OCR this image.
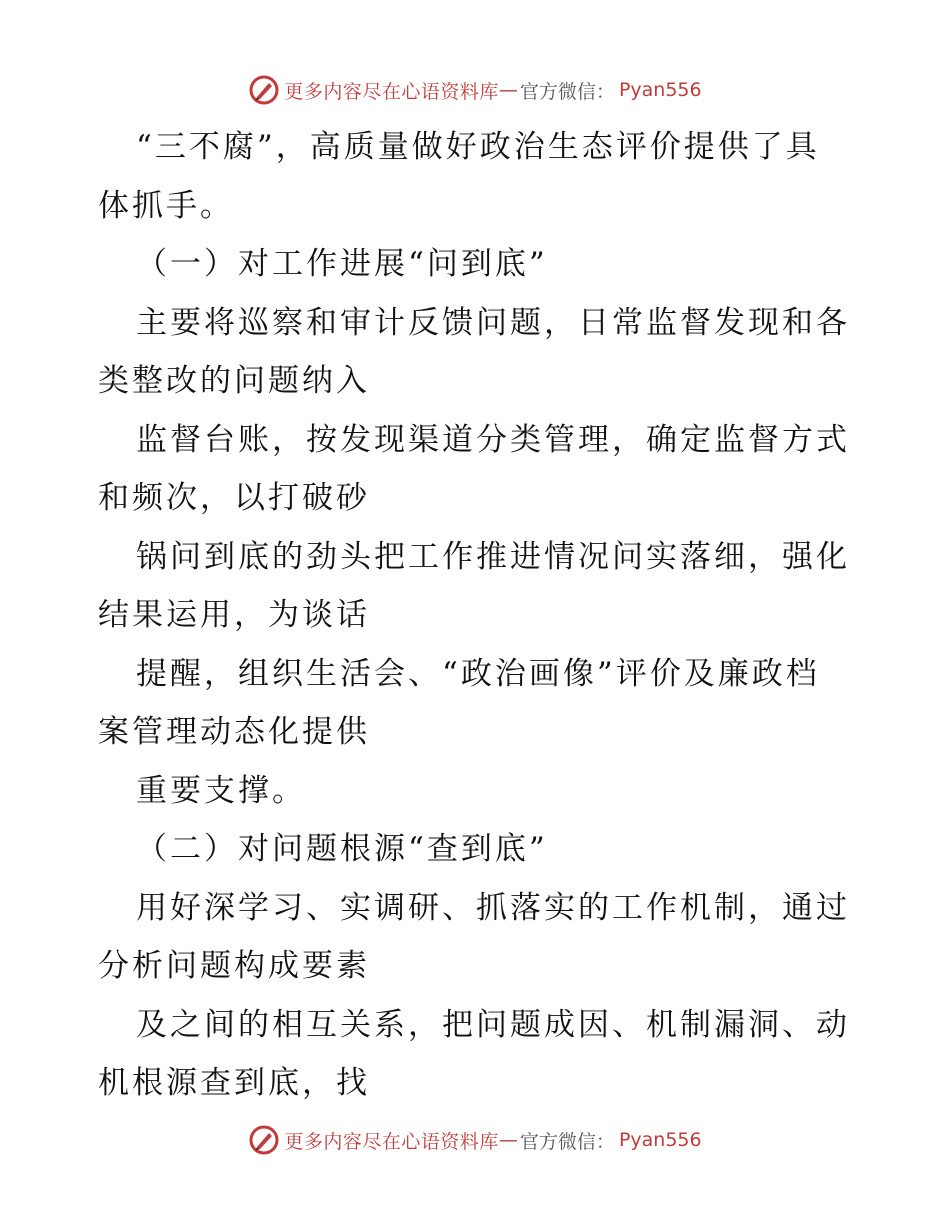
更多内容尽在心语资料库 — 官方微信： Pyan556
“三不腐”，高质量做好政治生态评价提供了具
体抓手。
（一）对工作进展“问到底”
主要将巡察和审计反馈问题，日常监督发现和各
类整改的问题纳入
监督台账，按发现渠道分类管理，确定监督方式
和频次，以打破砂
锅问到底的劲头把工作推进情况问实落细，强化
结果运用，为谈话
提醒，组织生活会、“政治画像”评价及廉政档
案管理动态化提供
重要支撑。
（二）对问题根源“查到底”
用好深学习、实调研、抓落实的工作机制，通过
分析问题构成要素
及之间的相互关系，把问题成因、机制漏洞、动
机根源查到底，找
更多内容尽在心语资料库 — 官方微信： Pyan556
